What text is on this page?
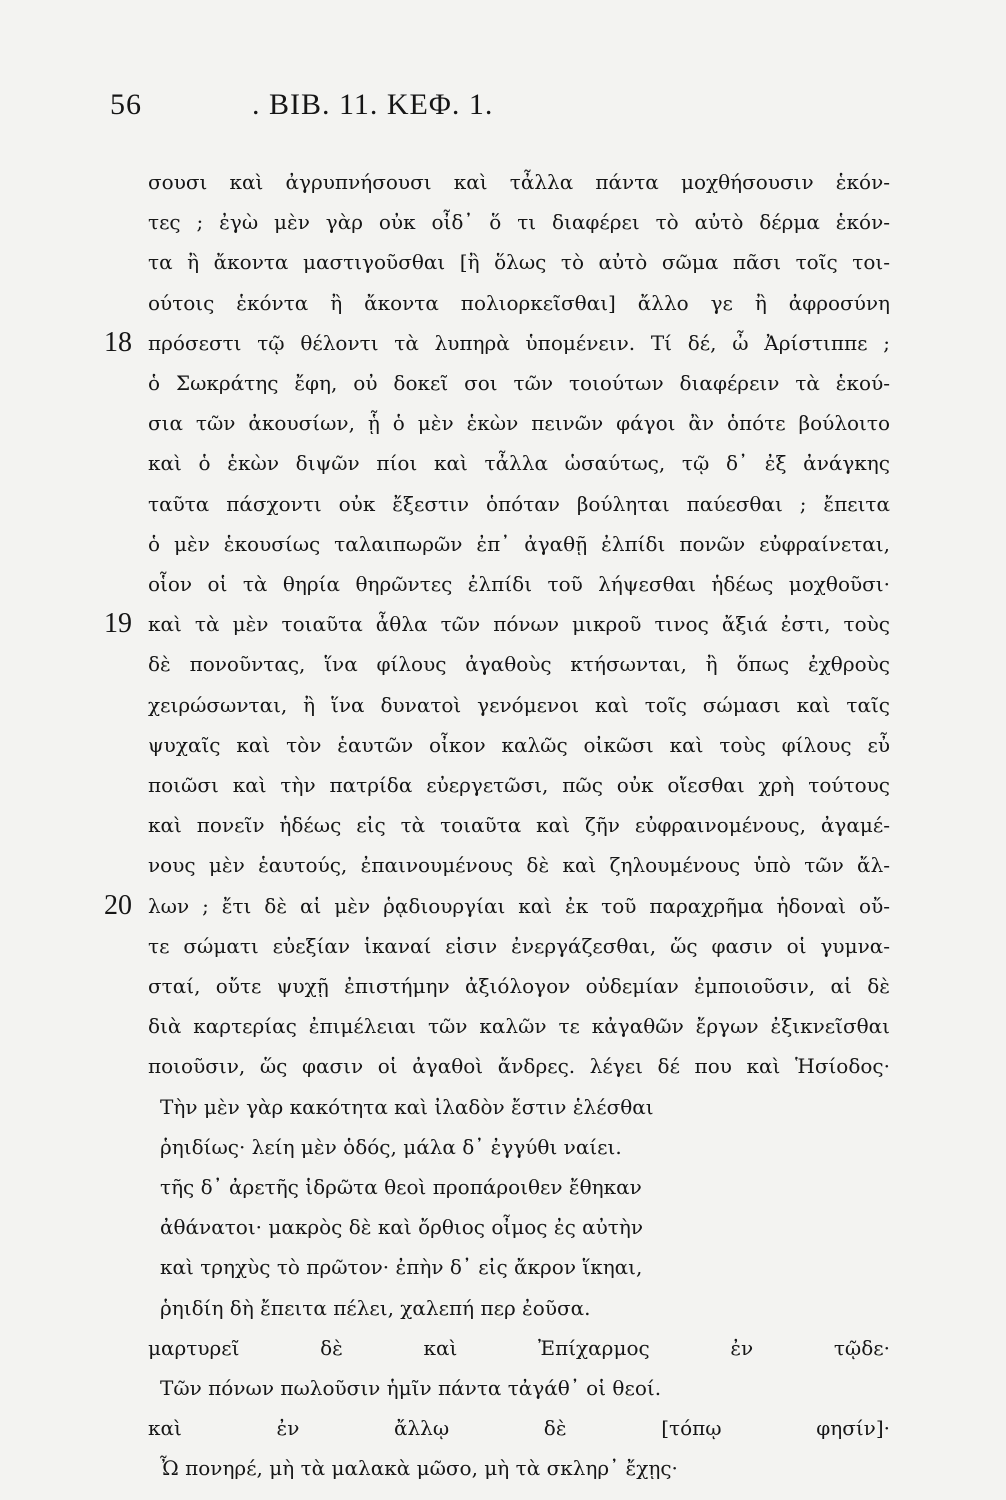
56	. ΒΙΒ. 11. ΚΕΦ. 1.
σουσι καὶ ἀγρυπνήσουσι καὶ τἆλλα πάντα μοχθήσουσιν ἑκόν-
τες ; ἐγὼ μὲν γὰρ οὐκ οἶδ᾽ ὅ τι διαφέρει τὸ αὐτὸ δέρμα ἑκόν-
τα ἢ ἄκοντα μαστιγοῦσθαι [ἢ ὅλως τὸ αὐτὸ σῶμα πᾶσι τοῖς τοι-
ούτοις ἑκόντα ἢ ἄκοντα πολιορκεῖσθαι] ἄλλο γε ἢ ἀφροσύνη
18 πρόσεστι τῷ θέλοντι τὰ λυπηρὰ ὑπομένειν. Τί δέ, ὦ Ἀρίστιππε ;
ὁ Σωκράτης ἔφη, οὐ δοκεῖ σοι τῶν τοιούτων διαφέρειν τὰ ἑκού-
σια τῶν ἀκουσίων, ᾗ ὁ μὲν ἑκὼν πεινῶν φάγοι ἂν ὁπότε βούλοιτο
καὶ ὁ ἑκὼν διψῶν πίοι καὶ τἆλλα ὡσαύτως, τῷ δ᾽ ἐξ ἀνάγκης
ταῦτα πάσχοντι οὐκ ἔξεστιν ὁπόταν βούληται παύεσθαι ; ἔπειτα
ὁ μὲν ἑκουσίως ταλαιπωρῶν ἐπ᾽ ἀγαθῇ ἐλπίδι πονῶν εὐφραίνεται,
οἷον οἱ τὰ θηρία θηρῶντες ἐλπίδι τοῦ λήψεσθαι ἡδέως μοχθοῦσι·
19 καὶ τὰ μὲν τοιαῦτα ἆθλα τῶν πόνων μικροῦ τινος ἄξιά ἐστι, τοὺς
δὲ πονοῦντας, ἵνα φίλους ἀγαθοὺς κτήσωνται, ἢ ὅπως ἐχθροὺς
χειρώσωνται, ἢ ἵνα δυνατοὶ γενόμενοι καὶ τοῖς σώμασι καὶ ταῖς
ψυχαῖς καὶ τὸν ἑαυτῶν οἶκον καλῶς οἰκῶσι καὶ τοὺς φίλους εὖ
ποιῶσι καὶ τὴν πατρίδα εὐεργετῶσι, πῶς οὐκ οἴεσθαι χρὴ τούτους
καὶ πονεῖν ἡδέως εἰς τὰ τοιαῦτα καὶ ζῆν εὐφραινομένους, ἀγαμέ-
νους μὲν ἑαυτούς, ἐπαινουμένους δὲ καὶ ζηλουμένους ὑπὸ τῶν ἄλ-
20 λων ; ἔτι δὲ αἱ μὲν ῥᾳδιουργίαι καὶ ἐκ τοῦ παραχρῆμα ἡδοναὶ οὔ-
τε σώματι εὐεξίαν ἱκαναί εἰσιν ἐνεργάζεσθαι, ὥς φασιν οἱ γυμνα-
σταί, οὔτε ψυχῇ ἐπιστήμην ἀξιόλογον οὐδεμίαν ἐμποιοῦσιν, αἱ δὲ
διὰ καρτερίας ἐπιμέλειαι τῶν καλῶν τε κἀγαθῶν ἔργων ἐξικνεῖσθαι
ποιοῦσιν, ὥς φασιν οἱ ἀγαθοὶ ἄνδρες. λέγει δέ που καὶ Ἡσίοδος·
Τὴν μὲν γὰρ κακότητα καὶ ἰλαδὸν ἔστιν ἑλέσθαι
ῥηιδίως· λείη μὲν ὁδός, μάλα δ᾽ ἐγγύθι ναίει.
τῆς δ᾽ ἀρετῆς ἱδρῶτα θεοὶ προπάροιθεν ἔθηκαν
ἀθάνατοι· μακρὸς δὲ καὶ ὄρθιος οἶμος ἐς αὐτὴν
καὶ τρηχὺς τὸ πρῶτον· ἐπὴν δ᾽ εἰς ἄκρον ἵκηαι,
ῥηιδίη δὴ ἔπειτα πέλει, χαλεπή περ ἐοῦσα.
μαρτυρεῖ δὲ καὶ Ἐπίχαρμος ἐν τῷδε·
Τῶν πόνων πωλοῦσιν ἡμῖν πάντα τἀγάθ᾽ οἱ θεοί.
καὶ ἐν ἄλλῳ δὲ [τόπῳ φησίν]·
Ὦ πονηρέ, μὴ τὰ μαλακὰ μῶσο, μὴ τὰ σκληρ᾽ ἔχῃς·
